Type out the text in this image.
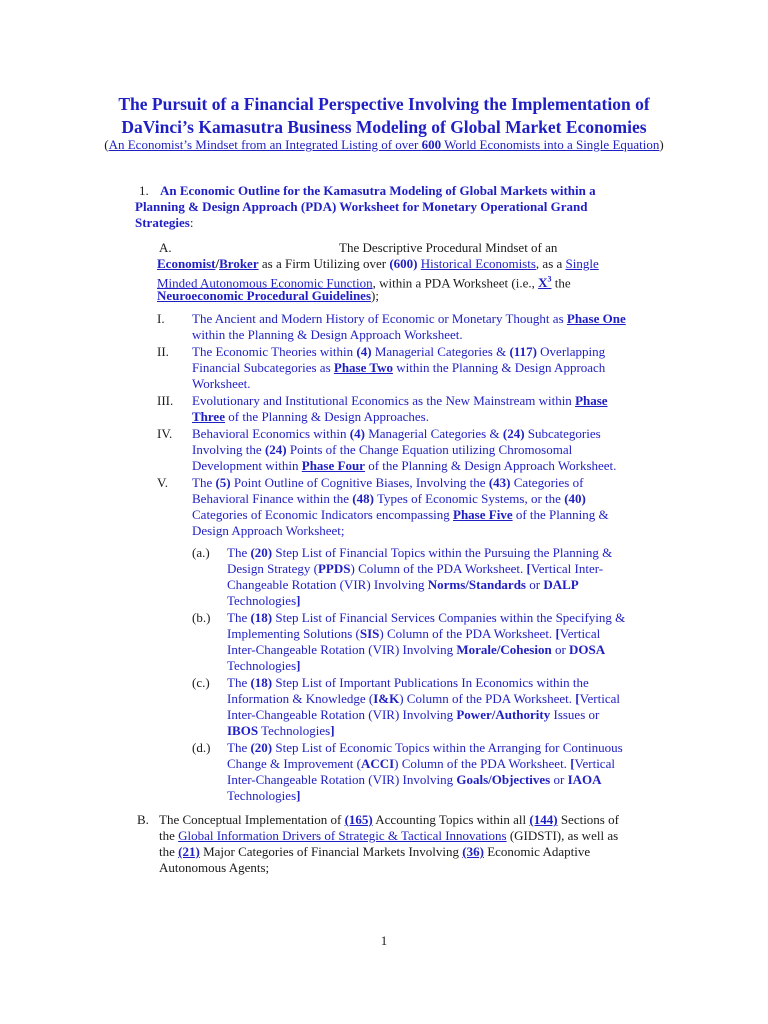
The Pursuit of a Financial Perspective Involving the Implementation of
DaVinci’s Kamasutra Business Modeling of Global Market Economies
(An Economist’s Mindset from an Integrated Listing of over 600 World Economists into a Single Equation)
1. An Economic Outline for the Kamasutra Modeling of Global Markets within a
Planning & Design Approach (PDA) Worksheet for Monetary Operational Grand
Strategies:
A.	The Descriptive Procedural Mindset of an
Economist/Broker as a Firm Utilizing over (600) Historical Economists, as a Single
Minded Autonomous Economic Function, within a PDA Worksheet (i.e., $X^3$ the
Neuroeconomic Procedural Guidelines);
I. The Ancient and Modern History of Economic or Monetary Thought as Phase One
within the Planning & Design Approach Worksheet.
II. The Economic Theories within (4) Managerial Categories & (117) Overlapping
Financial Subcategories as Phase Two within the Planning & Design Approach
Worksheet.
III. Evolutionary and Institutional Economics as the New Mainstream within Phase
Three of the Planning & Design Approaches.
IV. Behavioral Economics within (4) Managerial Categories & (24) Subcategories
Involving the (24) Points of the Change Equation utilizing Chromosomal
Development within Phase Four of the Planning & Design Approach Worksheet.
V. The (5) Point Outline of Cognitive Biases, Involving the (43) Categories of
Behavioral Finance within the (48) Types of Economic Systems, or the (40)
Categories of Economic Indicators encompassing Phase Five of the Planning &
Design Approach Worksheet;
(a.) The (20) Step List of Financial Topics within the Pursuing the Planning &
Design Strategy (PPDS) Column of the PDA Worksheet. [Vertical Inter-
Changeable Rotation (VIR) Involving Norms/Standards or DALP
Technologies]
(b.) The (18) Step List of Financial Services Companies within the Specifying &
Implementing Solutions (SIS) Column of the PDA Worksheet. [Vertical
Inter-Changeable Rotation (VIR) Involving Morale/Cohesion or DOSA
Technologies]
(c.) The (18) Step List of Important Publications In Economics within the
Information & Knowledge (I&K) Column of the PDA Worksheet. [Vertical
Inter-Changeable Rotation (VIR) Involving Power/Authority Issues or
IBOS Technologies]
(d.) The (20) Step List of Economic Topics within the Arranging for Continuous
Change & Improvement (ACCI) Column of the PDA Worksheet. [Vertical
Inter-Changeable Rotation (VIR) Involving Goals/Objectives or IAOA
Technologies]
B. The Conceptual Implementation of (165) Accounting Topics within all (144) Sections of
the Global Information Drivers of Strategic & Tactical Innovations (GIDSTI), as well as
the (21) Major Categories of Financial Markets Involving (36) Economic Adaptive
Autonomous Agents;
1
